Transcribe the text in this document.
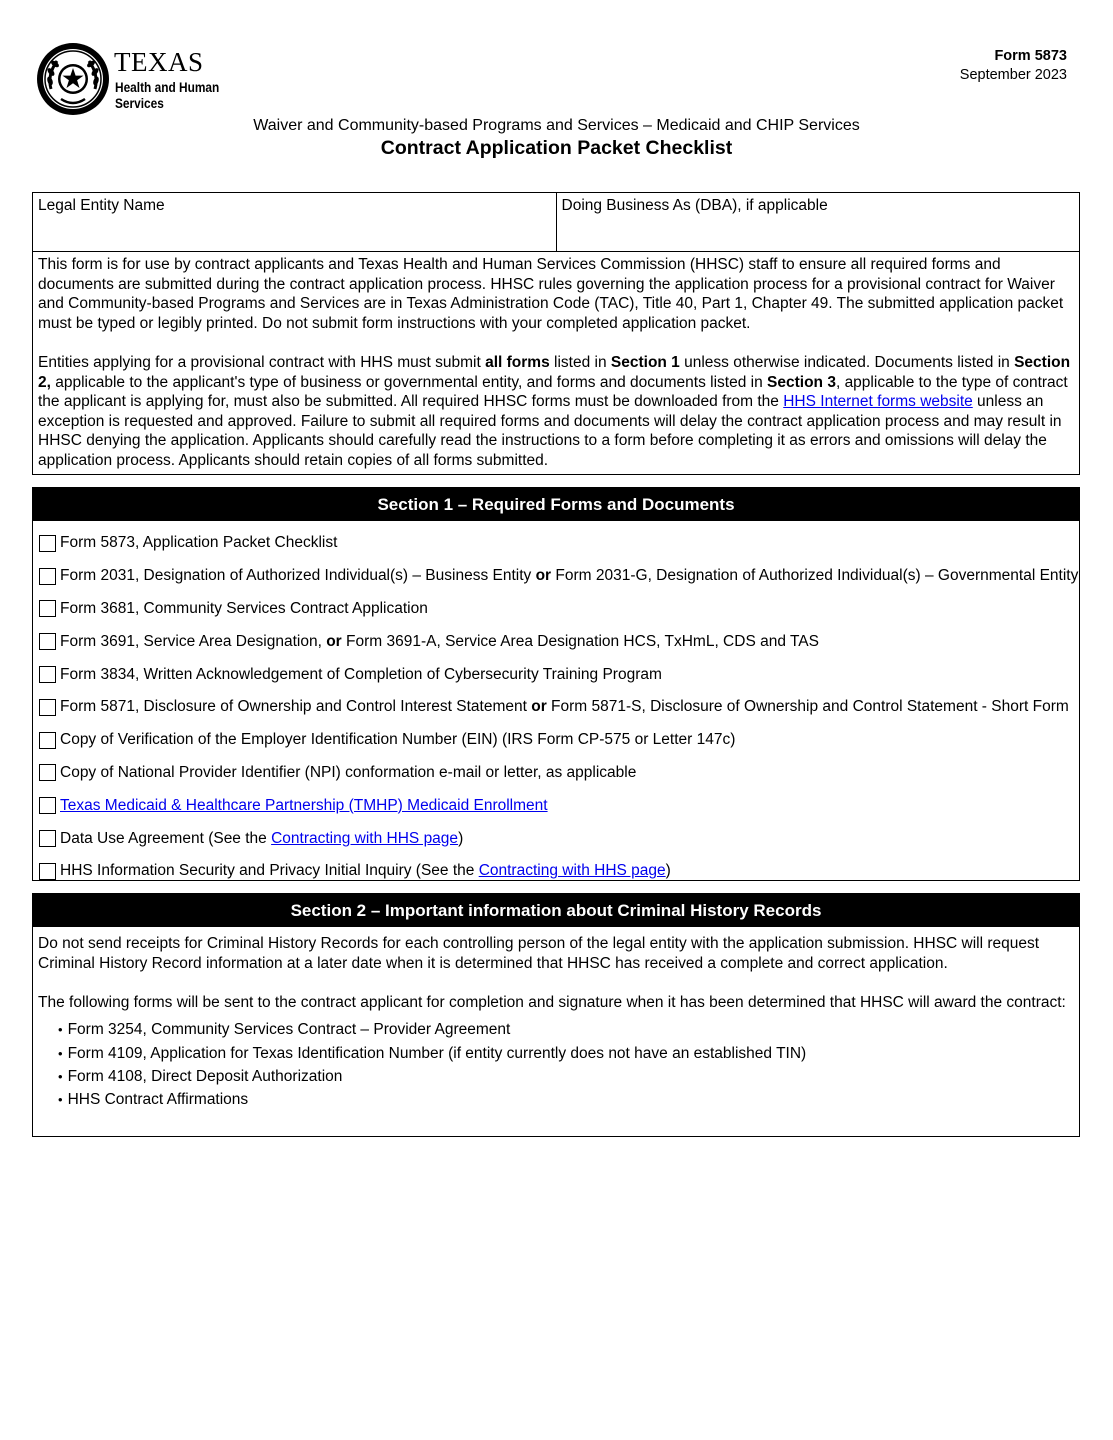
TEXAS
Health and Human
Services
Form 5873
September 2023
Waiver and Community-based Programs and Services – Medicaid and CHIP Services
Contract Application Packet Checklist
Legal Entity Name	Doing Business As (DBA), if applicable

This form is for use by contract applicants and Texas Health and Human Services Commission (HHSC) staff to ensure all required forms and documents are submitted during the contract application process. HHSC rules governing the application process for a provisional contract for Waiver and Community-based Programs and Services are in Texas Administration Code (TAC), Title 40, Part 1, Chapter 49. The submitted application packet must be typed or legibly printed. Do not submit form instructions with your completed application packet.

Entities applying for a provisional contract with HHS must submit all forms listed in Section 1 unless otherwise indicated. Documents listed in Section 2, applicable to the applicant's type of business or governmental entity, and forms and documents listed in Section 3, applicable to the type of contract the applicant is applying for, must also be submitted. All required HHSC forms must be downloaded from the HHS Internet forms website unless an exception is requested and approved. Failure to submit all required forms and documents will delay the contract application process and may result in HHSC denying the application. Applicants should carefully read the instructions to a form before completing it as errors and omissions will delay the application process. Applicants should retain copies of all forms submitted.

Section 1 – Required Forms and Documents
Form 5873, Application Packet Checklist
Form 2031, Designation of Authorized Individual(s) – Business Entity or Form 2031-G, Designation of Authorized Individual(s) – Governmental Entity
Form 3681, Community Services Contract Application
Form 3691, Service Area Designation, or Form 3691-A, Service Area Designation HCS, TxHmL, CDS and TAS
Form 3834, Written Acknowledgement of Completion of Cybersecurity Training Program
Form 5871, Disclosure of Ownership and Control Interest Statement or Form 5871-S, Disclosure of Ownership and Control Statement - Short Form
Copy of Verification of the Employer Identification Number (EIN) (IRS Form CP-575 or Letter 147c)
Copy of National Provider Identifier (NPI) conformation e-mail or letter, as applicable
Texas Medicaid & Healthcare Partnership (TMHP) Medicaid Enrollment
Data Use Agreement (See the Contracting with HHS page)
HHS Information Security and Privacy Initial Inquiry (See the Contracting with HHS page)
Section 2 – Important information about Criminal History Records

Do not send receipts for Criminal History Records for each controlling person of the legal entity with the application submission. HHSC will request Criminal History Record information at a later date when it is determined that HHSC has received a complete and correct application.

The following forms will be sent to the contract applicant for completion and signature when it has been determined that HHSC will award the contract:

• Form 3254, Community Services Contract – Provider Agreement
• Form 4109, Application for Texas Identification Number (if entity currently does not have an established TIN)
• Form 4108, Direct Deposit Authorization
• HHS Contract Affirmations
